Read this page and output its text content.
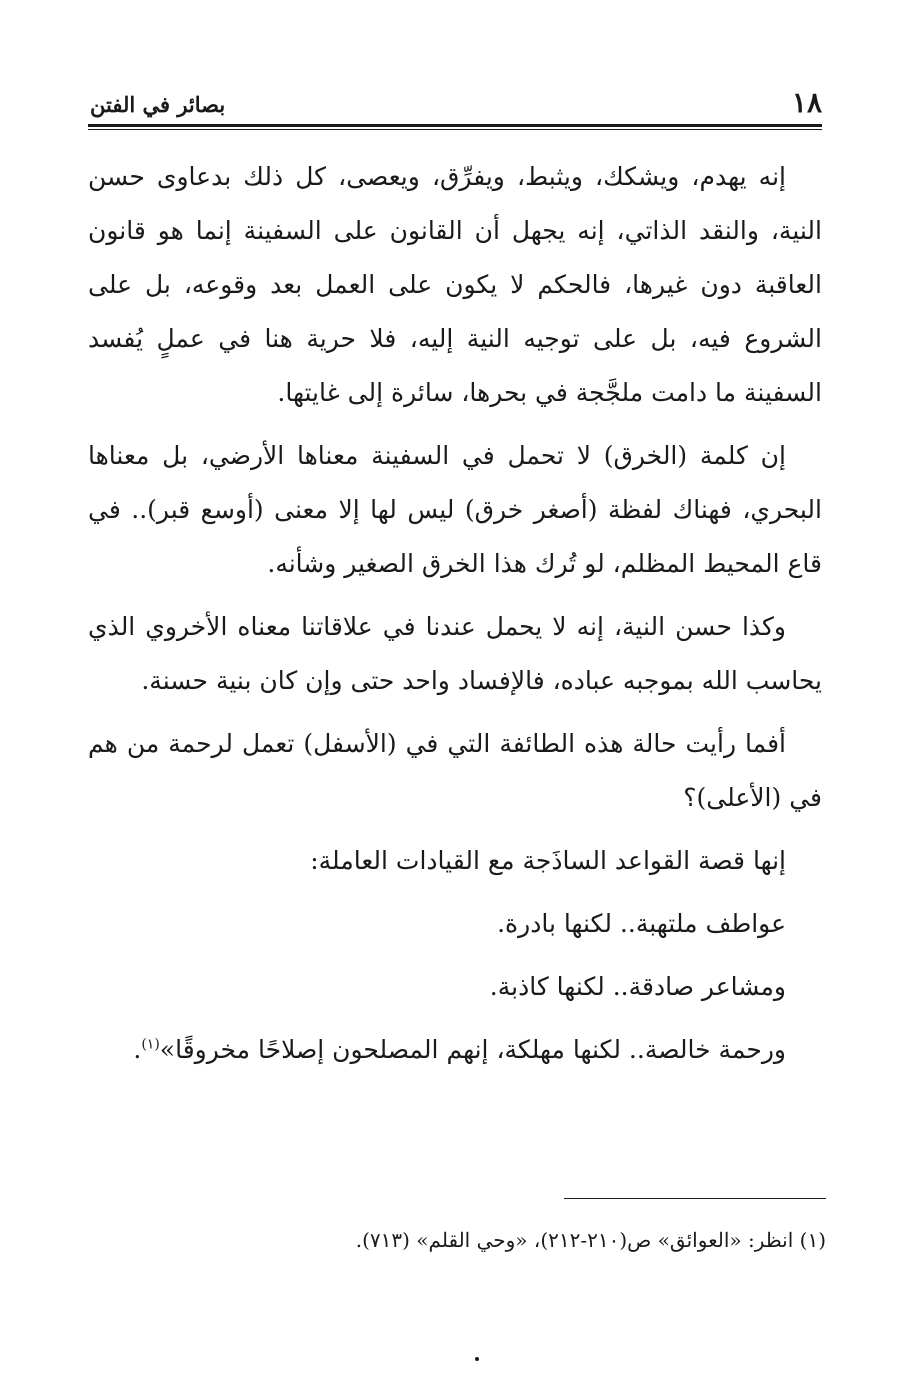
١٨
بصائر في الفتن

إنه يهدم، ويشكك، ويثبط، ويفرِّق، ويعصى، كل ذلك بدعاوى حسن النية، والنقد الذاتي، إنه يجهل أن القانون على السفينة إنما هو قانون العاقبة دون غيرها، فالحكم لا يكون على العمل بعد وقوعه، بل على الشروع فيه، بل على توجيه النية إليه، فلا حرية هنا في عملٍ يُفسد السفينة ما دامت ملجَّجة في بحرها، سائرة إلى غايتها.

إن كلمة (الخرق) لا تحمل في السفينة معناها الأرضي، بل معناها البحري، فهناك لفظة (أصغر خرق) ليس لها إلا معنى (أوسع قبر).. في قاع المحيط المظلم، لو تُرك هذا الخرق الصغير وشأنه.

وكذا حسن النية، إنه لا يحمل عندنا في علاقاتنا معناه الأخروي الذي يحاسب الله بموجبه عباده، فالإفساد واحد حتى وإن كان بنية حسنة.

أفما رأيت حالة هذه الطائفة التي في (الأسفل) تعمل لرحمة من هم في (الأعلى)؟

إنها قصة القواعد الساذَجة مع القيادات العاملة:

عواطف ملتهبة.. لكنها بادرة.

ومشاعر صادقة.. لكنها كاذبة.

ورحمة خالصة.. لكنها مهلكة، إنهم المصلحون إصلاحًا مخروقًا»$^{(١)}$.

(١) انظر: «العوائق» ص(٢١٠-٢١٢)، «وحي القلم» (٧١٣).
